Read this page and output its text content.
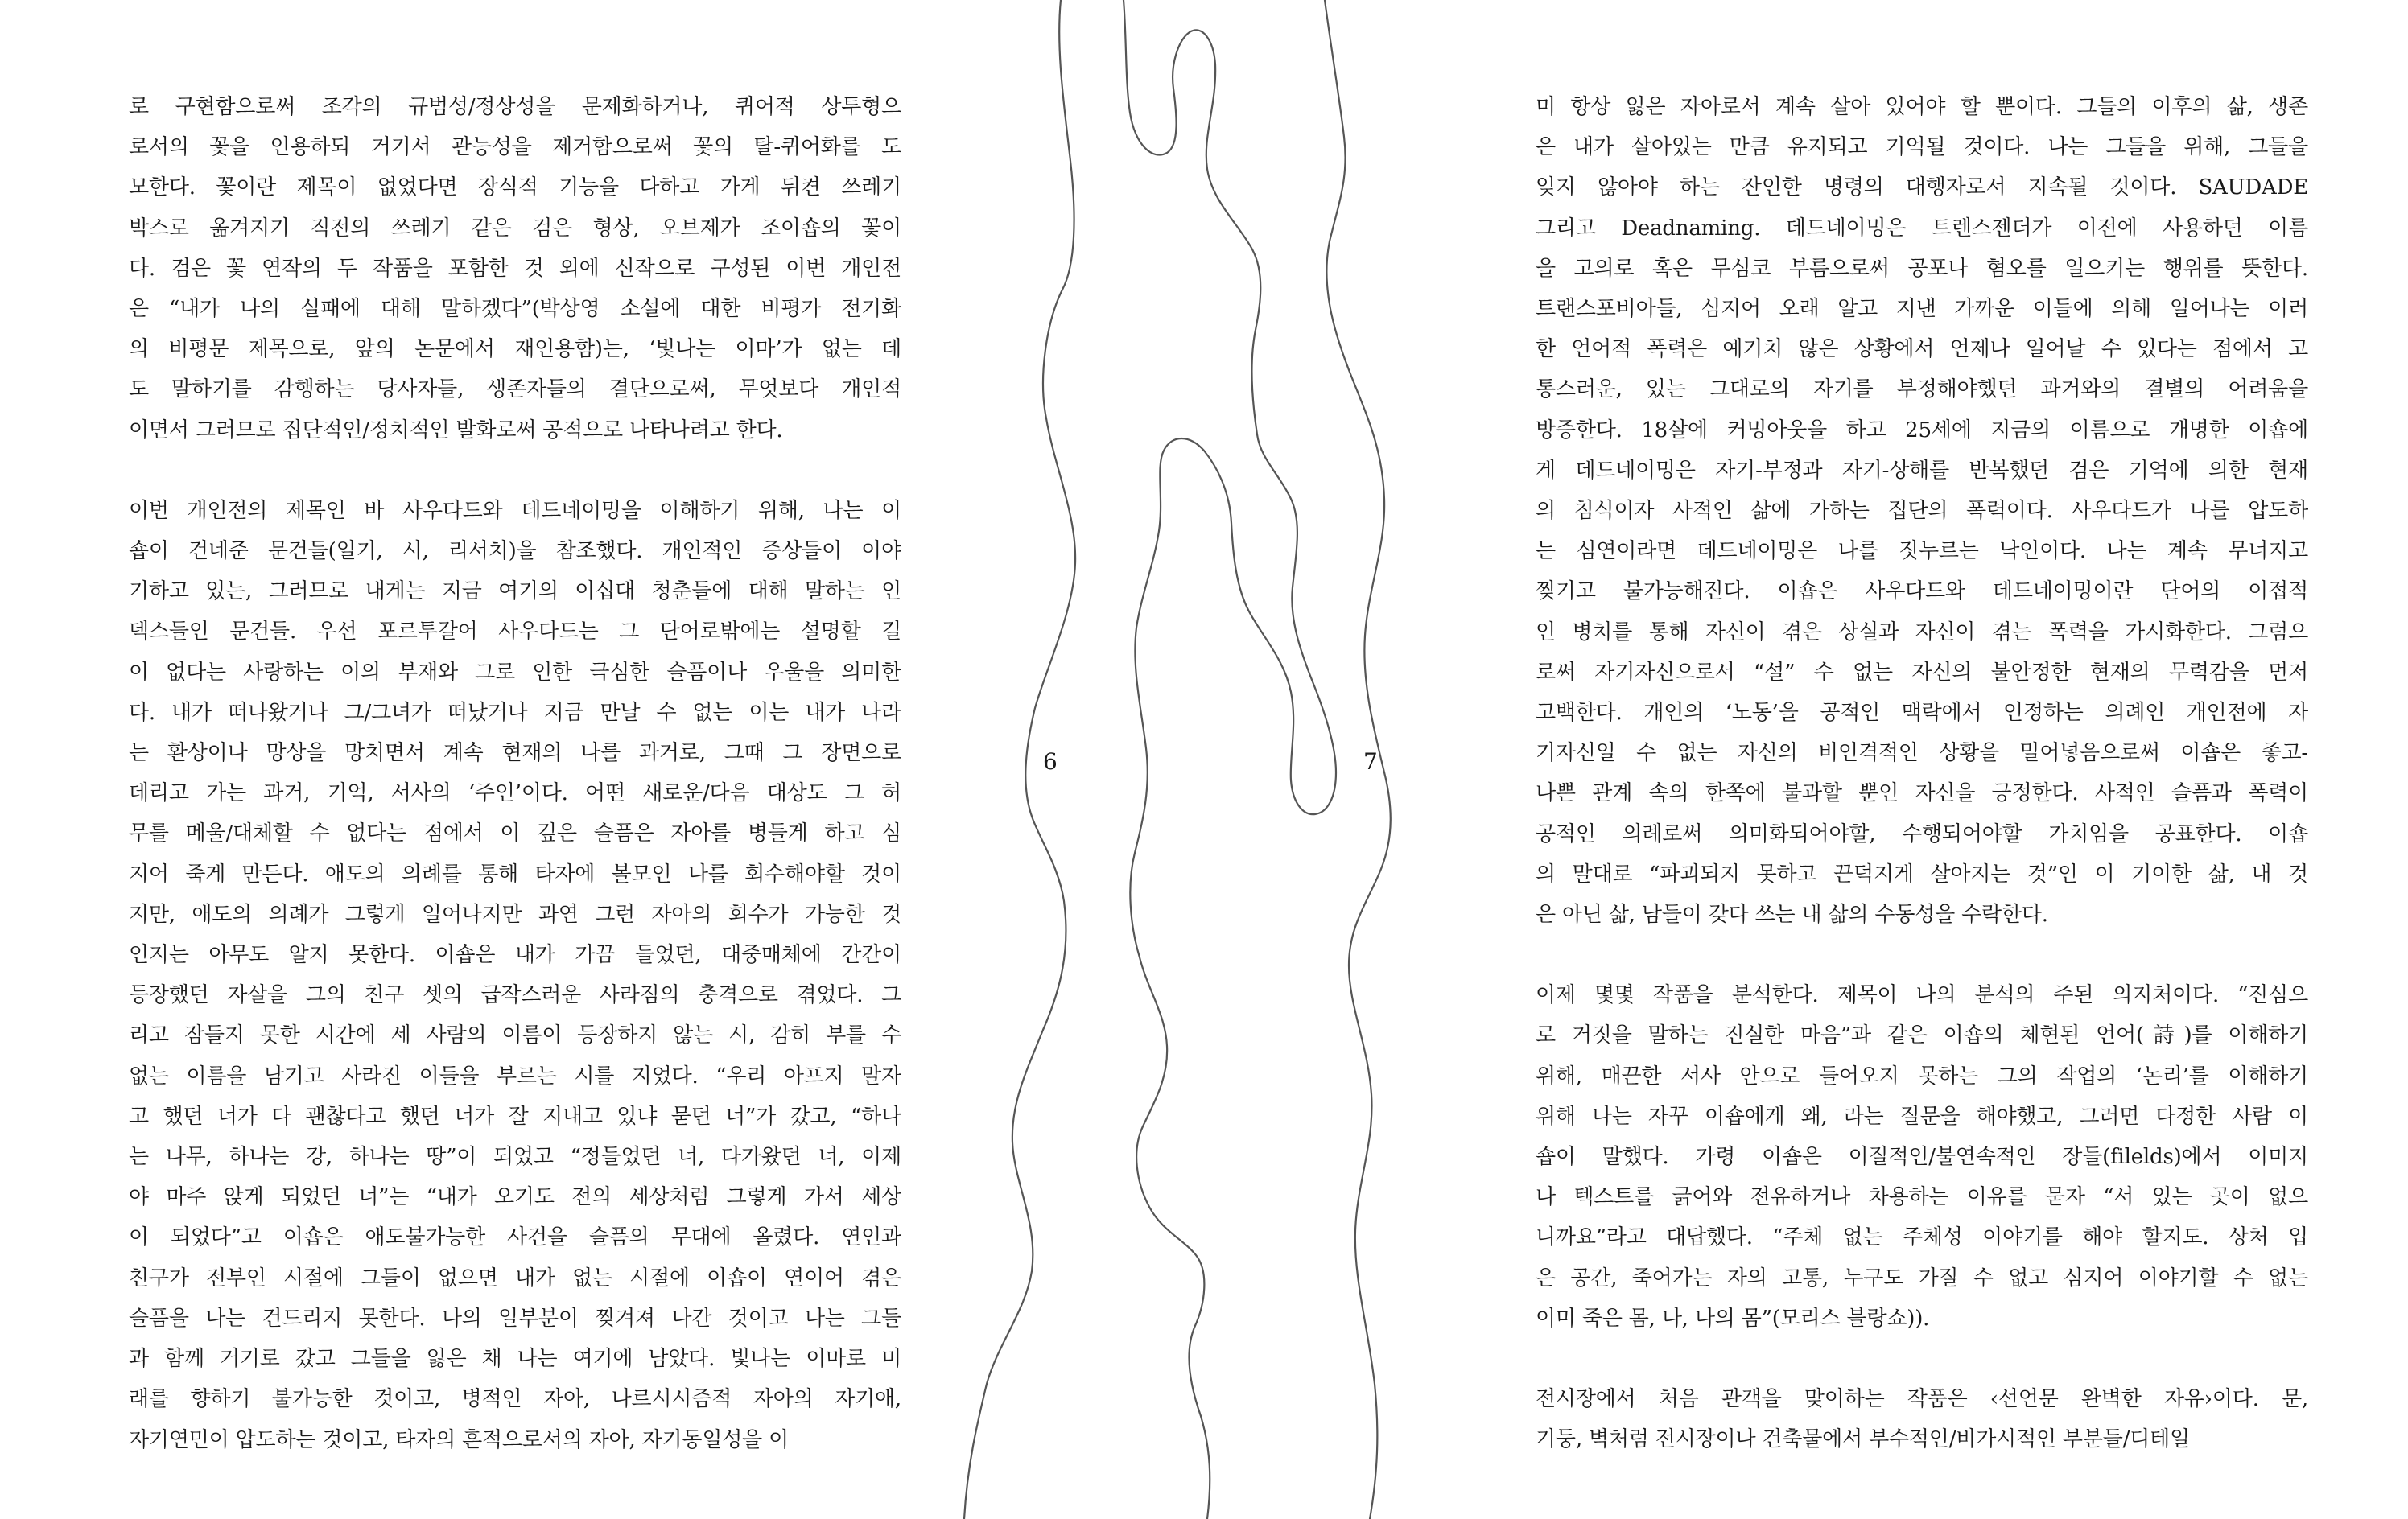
로 구현함으로써 조각의 규범성/정상성을 문제화하거나, 퀴어적 상투형으
로서의 꽃을 인용하되 거기서 관능성을 제거함으로써 꽃의 탈-퀴어화를 도
모한다. 꽃이란 제목이 없었다면 장식적 기능을 다하고 가게 뒤켠 쓰레기
박스로 옮겨지기 직전의 쓰레기 같은 검은 형상, 오브제가 조이숍의 꽃이
다. 검은 꽃 연작의 두 작품을 포함한 것 외에 신작으로 구성된 이번 개인전
은 “내가 나의 실패에 대해 말하겠다”(박상영 소설에 대한 비평가 전기화
의 비평문 제목으로, 앞의 논문에서 재인용함)는, ‘빛나는 이마’가 없는 데
도 말하기를 감행하는 당사자들, 생존자들의 결단으로써, 무엇보다 개인적
이면서 그러므로 집단적인/정치적인 발화로써 공적으로 나타나려고 한다.

이번 개인전의 제목인 바 사우다드와 데드네이밍을 이해하기 위해, 나는 이
숍이 건네준 문건들(일기, 시, 리서치)을 참조했다. 개인적인 증상들이 이야
기하고 있는, 그러므로 내게는 지금 여기의 이십대 청춘들에 대해 말하는 인
덱스들인 문건들. 우선 포르투갈어 사우다드는 그 단어로밖에는 설명할 길
이 없다는 사랑하는 이의 부재와 그로 인한 극심한 슬픔이나 우울을 의미한
다. 내가 떠나왔거나 그/그녀가 떠났거나 지금 만날 수 없는 이는 내가 나라
는 환상이나 망상을 망치면서 계속 현재의 나를 과거로, 그때 그 장면으로
데리고 가는 과거, 기억, 서사의 ‘주인’이다. 어떤 새로운/다음 대상도 그 허
무를 메울/대체할 수 없다는 점에서 이 깊은 슬픔은 자아를 병들게 하고 심
지어 죽게 만든다. 애도의 의례를 통해 타자에 볼모인 나를 회수해야할 것이
지만, 애도의 의례가 그렇게 일어나지만 과연 그런 자아의 회수가 가능한 것
인지는 아무도 알지 못한다. 이숍은 내가 가끔 들었던, 대중매체에 간간이
등장했던 자살을 그의 친구 셋의 급작스러운 사라짐의 충격으로 겪었다. 그
리고 잠들지 못한 시간에 세 사람의 이름이 등장하지 않는 시, 감히 부를 수
없는 이름을 남기고 사라진 이들을 부르는 시를 지었다. “우리 아프지 말자
고 했던 너가 다 괜찮다고 했던 너가 잘 지내고 있냐 묻던 너”가 갔고, “하나
는 나무, 하나는 강, 하나는 땅”이 되었고 “정들었던 너, 다가왔던 너, 이제
야 마주 앉게 되었던 너”는 “내가 오기도 전의 세상처럼 그렇게 가서 세상
이 되었다”고 이숍은 애도불가능한 사건을 슬픔의 무대에 올렸다. 연인과
친구가 전부인 시절에 그들이 없으면 내가 없는 시절에 이숍이 연이어 겪은
슬픔을 나는 건드리지 못한다. 나의 일부분이 찢겨져 나간 것이고 나는 그들
과 함께 거기로 갔고 그들을 잃은 채 나는 여기에 남았다. 빛나는 이마로 미
래를 향하기 불가능한 것이고, 병적인 자아, 나르시시즘적 자아의 자기애,
자기연민이 압도하는 것이고, 타자의 흔적으로서의 자아, 자기동일성을 이

6	7

미 항상 잃은 자아로서 계속 살아 있어야 할 뿐이다. 그들의 이후의 삶, 생존
은 내가 살아있는 만큼 유지되고 기억될 것이다. 나는 그들을 위해, 그들을
잊지 않아야 하는 잔인한 명령의 대행자로서 지속될 것이다. SAUDADE
그리고 Deadnaming. 데드네이밍은 트렌스젠더가 이전에 사용하던 이름
을 고의로 혹은 무심코 부름으로써 공포나 혐오를 일으키는 행위를 뜻한다.
트랜스포비아들, 심지어 오래 알고 지낸 가까운 이들에 의해 일어나는 이러
한 언어적 폭력은 예기치 않은 상황에서 언제나 일어날 수 있다는 점에서 고
통스러운, 있는 그대로의 자기를 부정해야했던 과거와의 결별의 어려움을
방증한다. 18살에 커밍아웃을 하고 25세에 지금의 이름으로 개명한 이숍에
게 데드네이밍은 자기-부정과 자기-상해를 반복했던 검은 기억에 의한 현재
의 침식이자 사적인 삶에 가하는 집단의 폭력이다. 사우다드가 나를 압도하
는 심연이라면 데드네이밍은 나를 짓누르는 낙인이다. 나는 계속 무너지고
찢기고 불가능해진다. 이숍은 사우다드와 데드네이밍이란 단어의 이접적
인 병치를 통해 자신이 겪은 상실과 자신이 겪는 폭력을 가시화한다. 그럼으
로써 자기자신으로서 “설” 수 없는 자신의 불안정한 현재의 무력감을 먼저
고백한다. 개인의 ‘노동’을 공적인 맥락에서 인정하는 의례인 개인전에 자
기자신일 수 없는 자신의 비인격적인 상황을 밀어넣음으로써 이숍은 좋고-
나쁜 관계 속의 한쪽에 불과할 뿐인 자신을 긍정한다. 사적인 슬픔과 폭력이
공적인 의례로써 의미화되어야할, 수행되어야할 가치임을 공표한다. 이숍
의 말대로 “파괴되지 못하고 끈덕지게 살아지는 것”인 이 기이한 삶, 내 것
은 아닌 삶, 남들이 갖다 쓰는 내 삶의 수동성을 수락한다.

이제 몇몇 작품을 분석한다. 제목이 나의 분석의 주된 의지처이다. “진심으
로 거짓을 말하는 진실한 마음”과 같은 이숍의 체현된 언어(詩)를 이해하기
위해, 매끈한 서사 안으로 들어오지 못하는 그의 작업의 ‘논리’를 이해하기
위해 나는 자꾸 이숍에게 왜, 라는 질문을 해야했고, 그러면 다정한 사람 이
숍이 말했다. 가령 이숍은 이질적인/불연속적인 장들(filelds)에서 이미지
나 텍스트를 긁어와 전유하거나 차용하는 이유를 묻자 “서 있는 곳이 없으
니까요”라고 대답했다. “주체 없는 주체성 이야기를 해야 할지도. 상처 입
은 공간, 죽어가는 자의 고통, 누구도 가질 수 없고 심지어 이야기할 수 없는
이미 죽은 몸, 나, 나의 몸”(모리스 블랑쇼)).

전시장에서 처음 관객을 맞이하는 작품은 ‹선언문 완벽한 자유›이다. 문,
기둥, 벽처럼 전시장이나 건축물에서 부수적인/비가시적인 부분들/디테일
